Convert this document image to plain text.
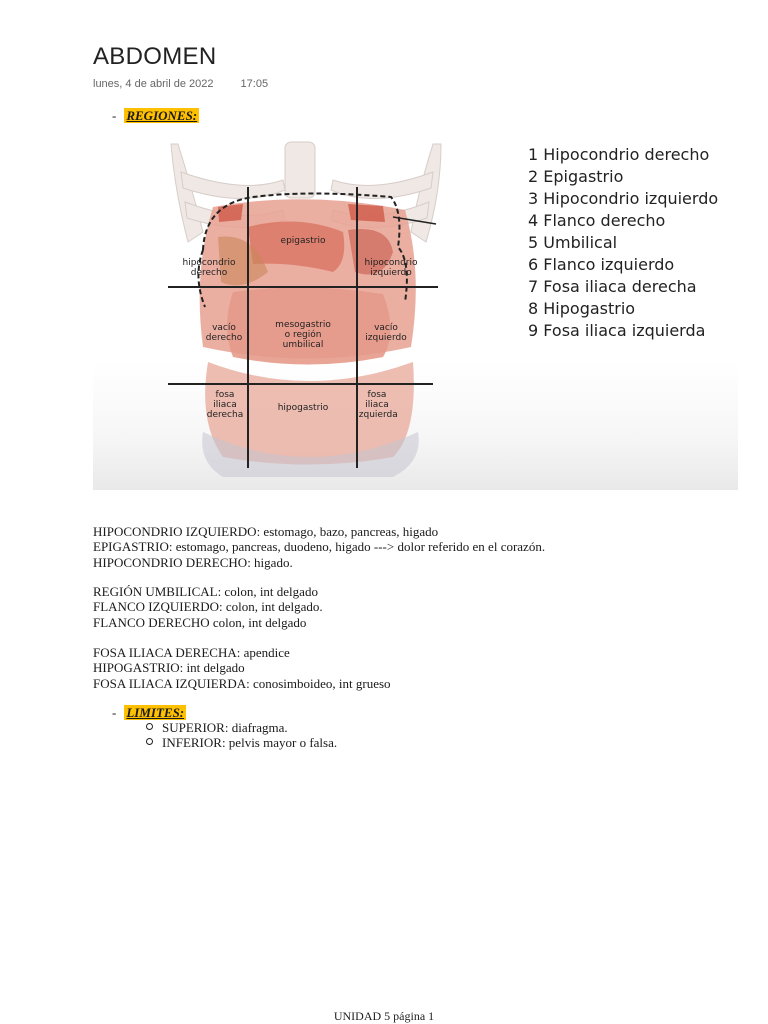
ABDOMEN
lunes, 4 de abril de 2022 17:05
- REGIONES:
hipocondrio
derecho
epigastrio
hipocondrio
izquierdo
vacío
derecho
mesogastrio
o región
umbilical
vacío
izquierdo
fosa
iliaca
derecha
hipogastrio
fosa
iliaca
izquierda
1 Hipocondrio derecho
2 Epigastrio
3 Hipocondrio izquierdo
4 Flanco derecho
5 Umbilical
6 Flanco izquierdo
7 Fosa iliaca derecha
8 Hipogastrio
9 Fosa iliaca izquierda
HIPOCONDRIO IZQUIERDO: estomago, bazo, pancreas, higado
EPIGASTRIO: estomago, pancreas, duodeno, higado ---> dolor referido en el corazón.
HIPOCONDRIO DERECHO: higado.
REGIÓN UMBILICAL: colon, int delgado
FLANCO IZQUIERDO: colon, int delgado.
FLANCO DERECHO colon, int delgado
FOSA ILIACA DERECHA: apendice
HIPOGASTRIO: int delgado
FOSA ILIACA IZQUIERDA: conosimboideo, int grueso
- LIMITES:
SUPERIOR: diafragma.
INFERIOR: pelvis mayor o falsa.
UNIDAD 5 página 1
